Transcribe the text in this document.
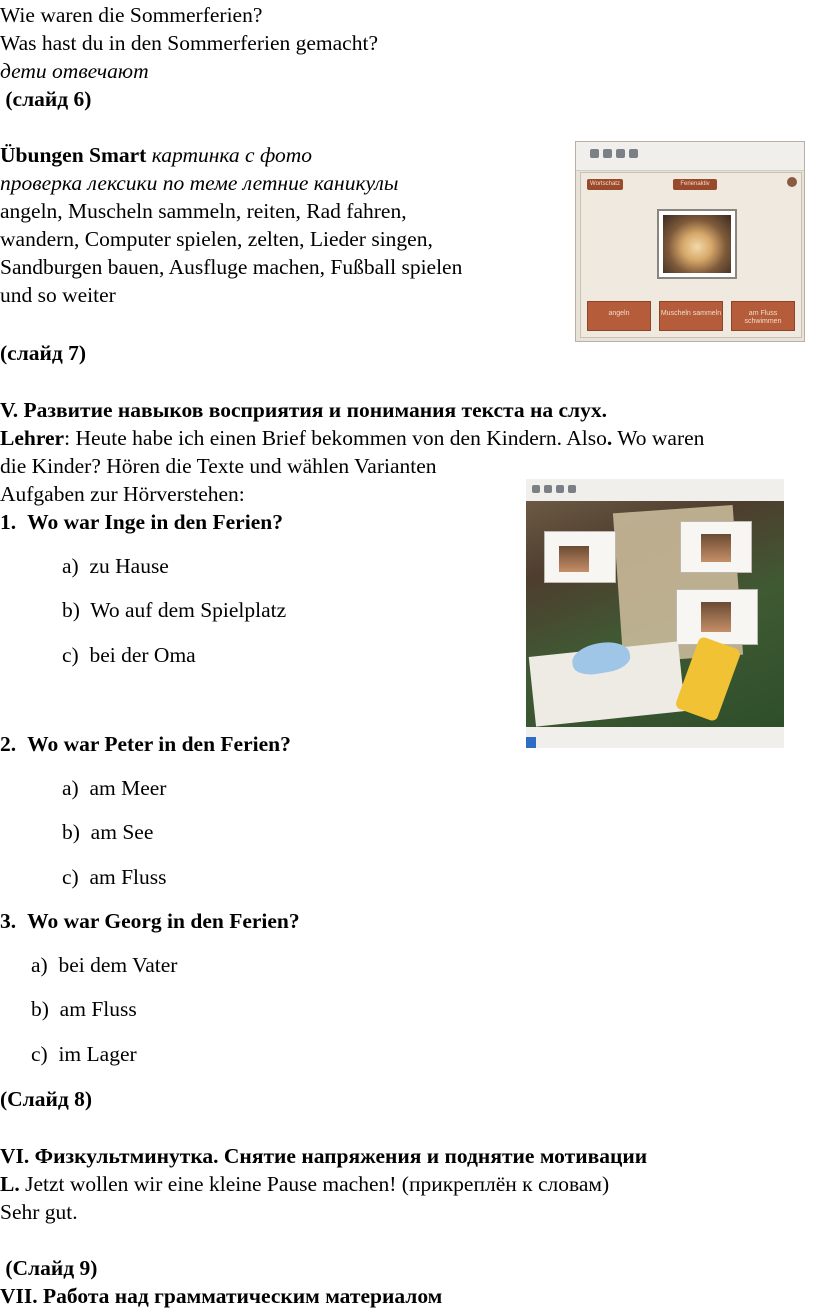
Wie waren die Sommerferien?
Was hast du in den Sommerferien gemacht?
дети отвечают
(слайд 6)
Übungen Smart картинка с фото
проверка лексики по теме летние каникулы
angeln, Muscheln sammeln, reiten, Rad fahren,
wandern, Computer spielen, zelten, Lieder singen,
Sandburgen bauen, Ausfluge machen, Fußball spielen
und so weiter
(слайд 7)
Wortschatz	Ferienaktiv
angeln	Muscheln sammeln	am Fluss schwimmen
V. Развитие навыков восприятия и понимания текста на слух.
Lehrer: Heute habe ich einen Brief bekommen von den Kindern. Also. Wo waren
die Kinder? Hören die Texte und wählen Varianten
Aufgaben zur Hörverstehen:
1. Wo war Inge in den Ferien?
a) zu Hause
b) Wo auf dem Spielplatz
c) bei der Oma
2. Wo war Peter in den Ferien?
a) am Meer
b) am See
c) am Fluss
3. Wo war Georg in den Ferien?
a) bei dem Vater
b) am Fluss
c) im Lager
(Слайд 8)
VI. Физкультминутка. Снятие напряжения и поднятие мотивации
L. Jetzt wollen wir eine kleine Pause machen! (прикреплён к словам)
Sehr gut.
(Слайд 9)
VII. Работа над грамматическим материалом
